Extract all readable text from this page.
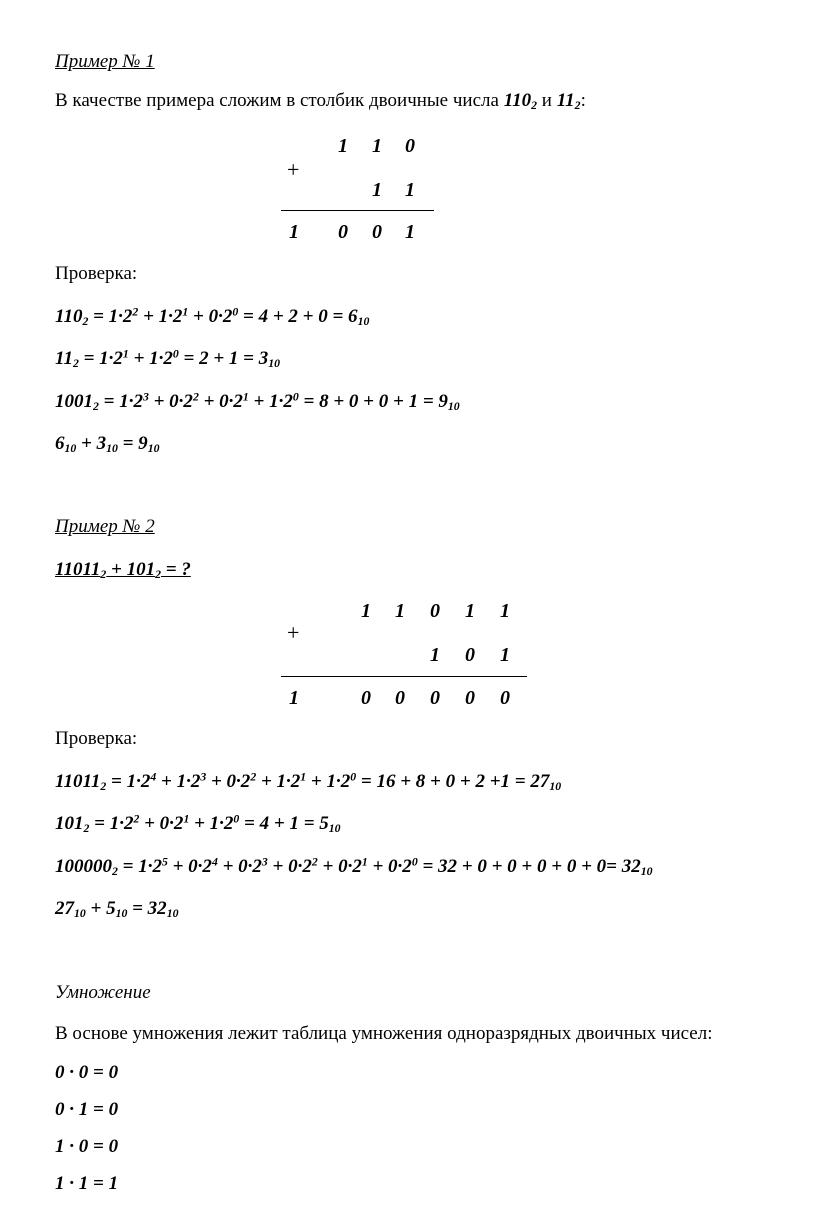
Пример № 1
В качестве примера сложим в столбик двоичные числа $110_2$ и $11_2$:
+
1 1 0
1 1
1 0 0 1
Проверка:
$110_2 = 1\cdot 2^2 + 1\cdot 2^1 + 0\cdot 2^0 = 4 + 2 + 0 = 6_{10}$
$11_2 = 1\cdot 2^1 + 1\cdot 2^0 = 2 + 1 = 3_{10}$
$1001_2 = 1\cdot 2^3 + 0\cdot 2^2 + 0\cdot 2^1 + 1\cdot 2^0 = 8 + 0 + 0 + 1 = 9_{10}$
$6_{10} + 3_{10} = 9_{10}$
Пример № 2
$11011_2 + 101_2$ = ?
+
1 1 0 1 1
1 0 1
1	0 0 0 0 0
Проверка:
$11011_2 = 1\cdot 2^4 + 1\cdot 2^3 + 0\cdot 2^2 + 1\cdot 2^1 + 1\cdot 2^0 = 16 + 8 + 0 + 2 +1 = 27_{10}$
$101_2 = 1\cdot 2^2 + 0\cdot 2^1 + 1\cdot 2^0 = 4 + 1 = 5_{10}$
$100000_2 = 1\cdot 2^5 + 0\cdot 2^4 + 0\cdot 2^3 + 0\cdot 2^2 + 0\cdot 2^1 + 0\cdot 2^0 = 32 + 0 + 0 + 0 + 0 + 0= 32_{10}$
$27_{10} + 5_{10} = 32_{10}$
Умножение
В основе умножения лежит таблица умножения одноразрядных двоичных чисел:
0 · 0 = 0
0 · 1 = 0
1 · 0 = 0
1 · 1 = 1
